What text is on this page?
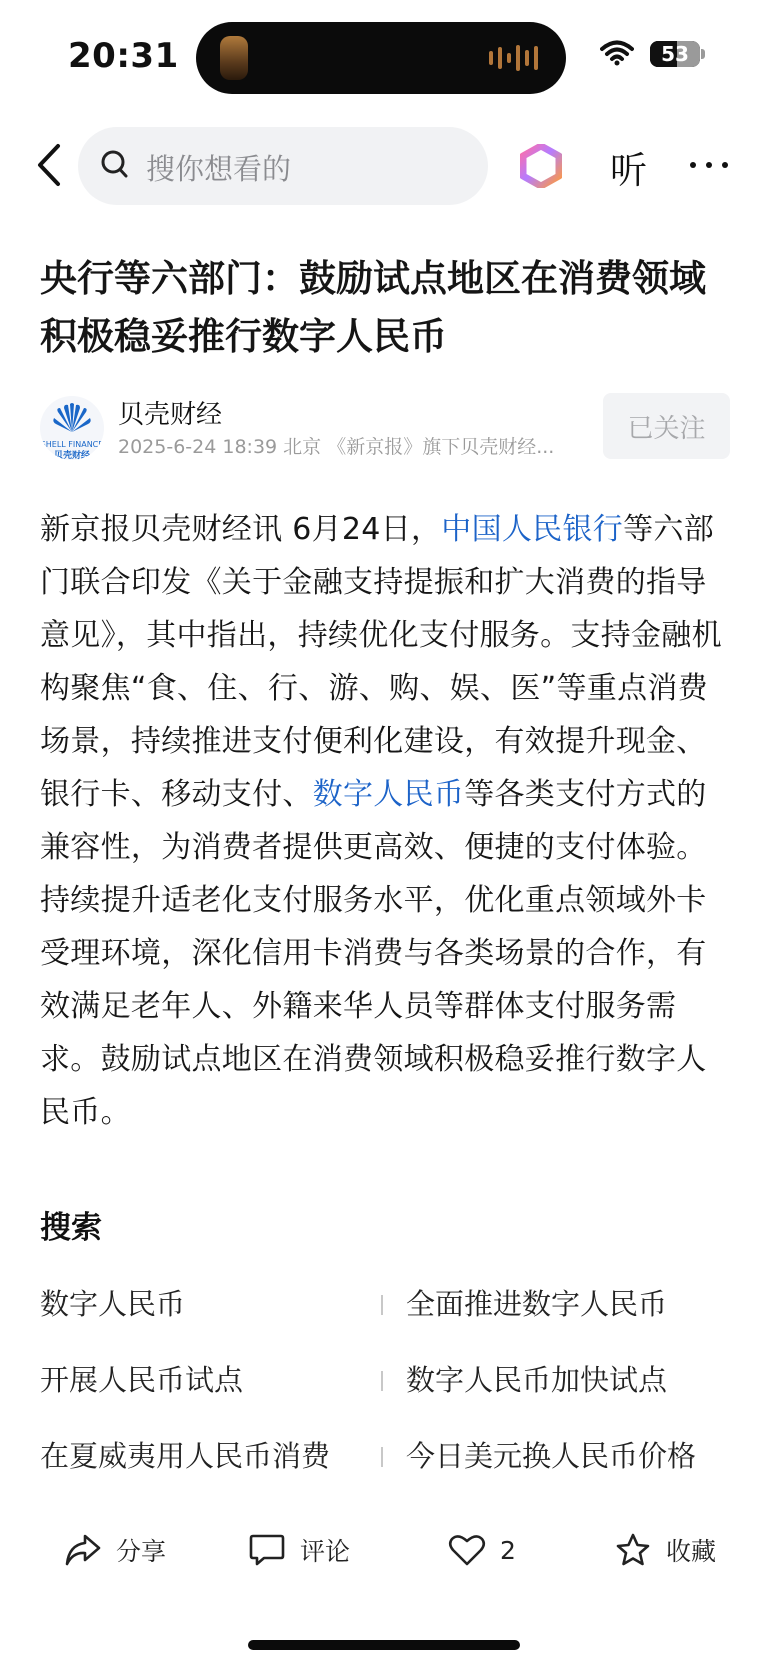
20:31	53
搜你想看的	听
央行等六部门：鼓励试点地区在消费领域积极稳妥推行数字人民币
SHELL FINANCE
贝壳财经
贝壳财经
2025-6-24 18:39 北京 《新京报》旗下贝壳财经...
已关注
新京报贝壳财经讯 6月24日，中国人民银行等六部门联合印发《关于金融支持提振和扩大消费的指导意见》，其中指出，持续优化支付服务。支持金融机构聚焦“食、住、行、游、购、娱、医”等重点消费场景，持续推进支付便利化建设，有效提升现金、银行卡、移动支付、数字人民币等各类支付方式的兼容性，为消费者提供更高效、便捷的支付体验。持续提升适老化支付服务水平，优化重点领域外卡受理环境，深化信用卡消费与各类场景的合作，有效满足老年人、外籍来华人员等群体支付服务需求。鼓励试点地区在消费领域积极稳妥推行数字人民币。
搜索
数字人民币	全面推进数字人民币
开展人民币试点	数字人民币加快试点
在夏威夷用人民币消费	今日美元换人民币价格
分享	评论	2	收藏
